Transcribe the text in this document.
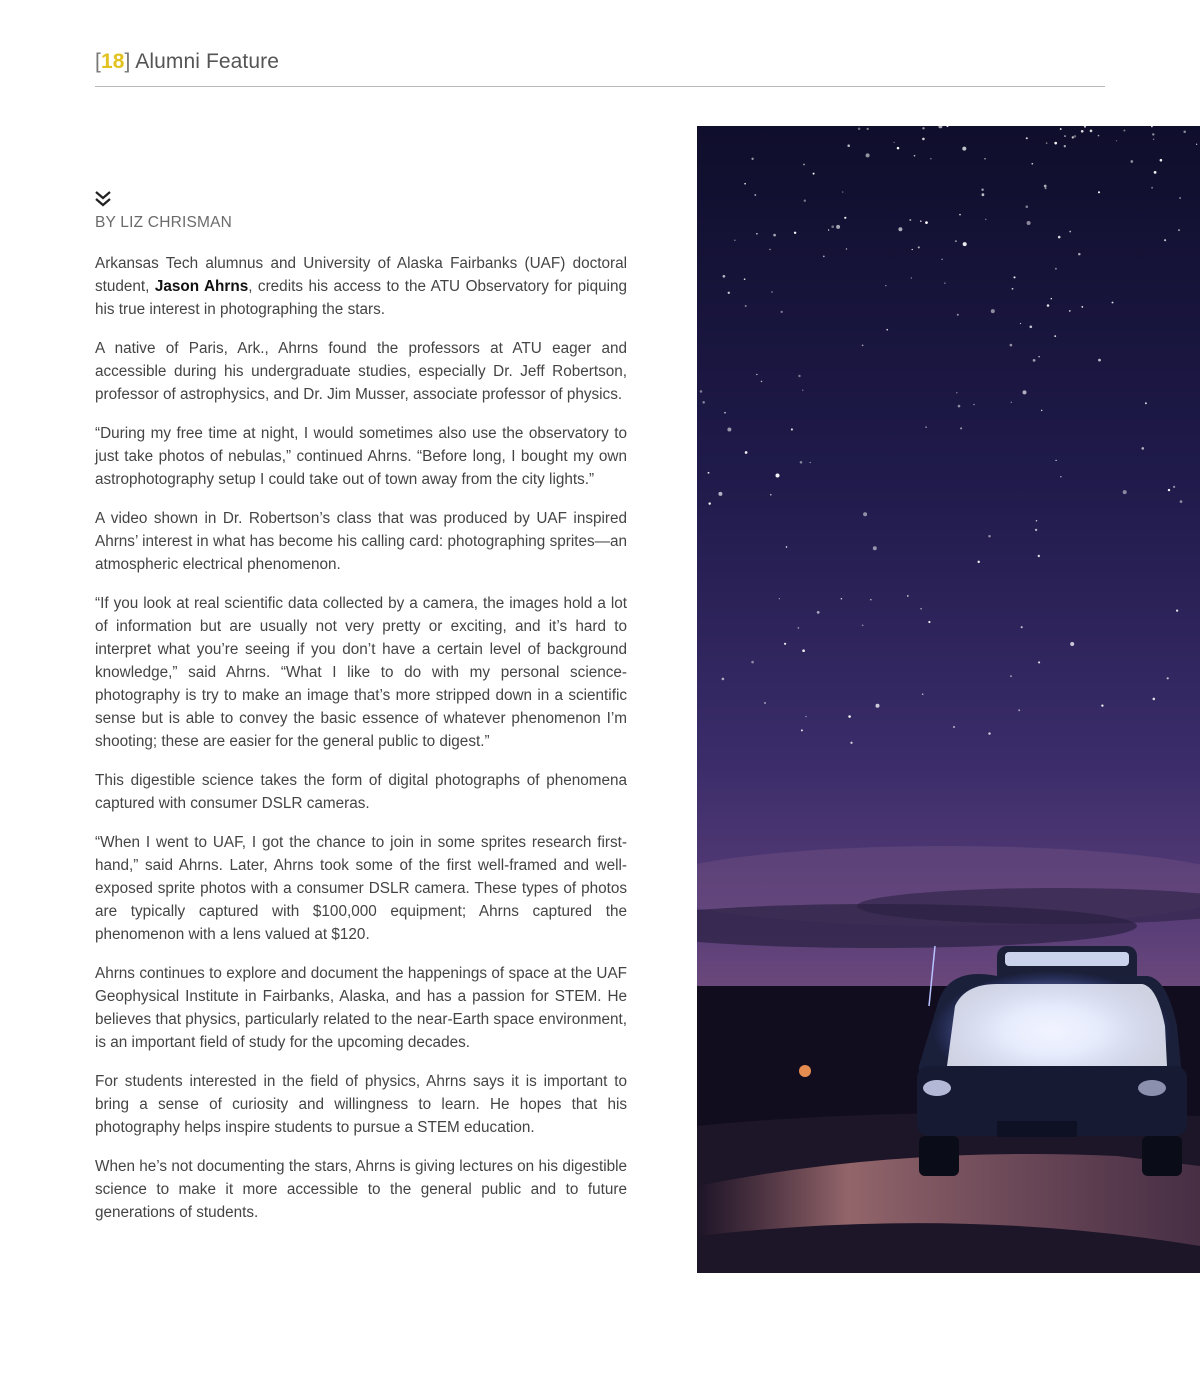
[18] Alumni Feature
BY LIZ CHRISMAN

Arkansas Tech alumnus and University of Alaska Fairbanks (UAF) doctoral student, Jason Ahrns, credits his access to the ATU Observatory for piquing his true interest in photographing the stars.

A native of Paris, Ark., Ahrns found the professors at ATU eager and accessible during his undergraduate studies, especially Dr. Jeff Robertson, professor of astrophysics, and Dr. Jim Musser, associate professor of physics.

“During my free time at night, I would sometimes also use the observatory to just take photos of nebulas,” continued Ahrns. “Before long, I bought my own astrophotography setup I could take out of town away from the city lights.”

A video shown in Dr. Robertson’s class that was produced by UAF inspired Ahrns’ interest in what has become his calling card: photographing sprites—an atmospheric electrical phenomenon.

“If you look at real scientific data collected by a camera, the images hold a lot of information but are usually not very pretty or exciting, and it’s hard to interpret what you’re seeing if you don’t have a certain level of background knowledge,” said Ahrns. “What I like to do with my personal science-photography is try to make an image that’s more stripped down in a scientific sense but is able to convey the basic essence of whatever phenomenon I’m shooting; these are easier for the general public to digest.”

This digestible science takes the form of digital photographs of phenomena captured with consumer DSLR cameras.

“When I went to UAF, I got the chance to join in some sprites research first-hand,” said Ahrns. Later, Ahrns took some of the first well-framed and well-exposed sprite photos with a consumer DSLR camera. These types of photos are typically captured with $100,000 equipment; Ahrns captured the phenomenon with a lens valued at $120.

Ahrns continues to explore and document the happenings of space at the UAF Geophysical Institute in Fairbanks, Alaska, and has a passion for STEM. He believes that physics, particularly related to the near-Earth space environment, is an important field of study for the upcoming decades.

For students interested in the field of physics, Ahrns says it is important to bring a sense of curiosity and willingness to learn. He hopes that his photography helps inspire students to pursue a STEM education.

When he’s not documenting the stars, Ahrns is giving lectures on his digestible science to make it more accessible to the general public and to future generations of students.
